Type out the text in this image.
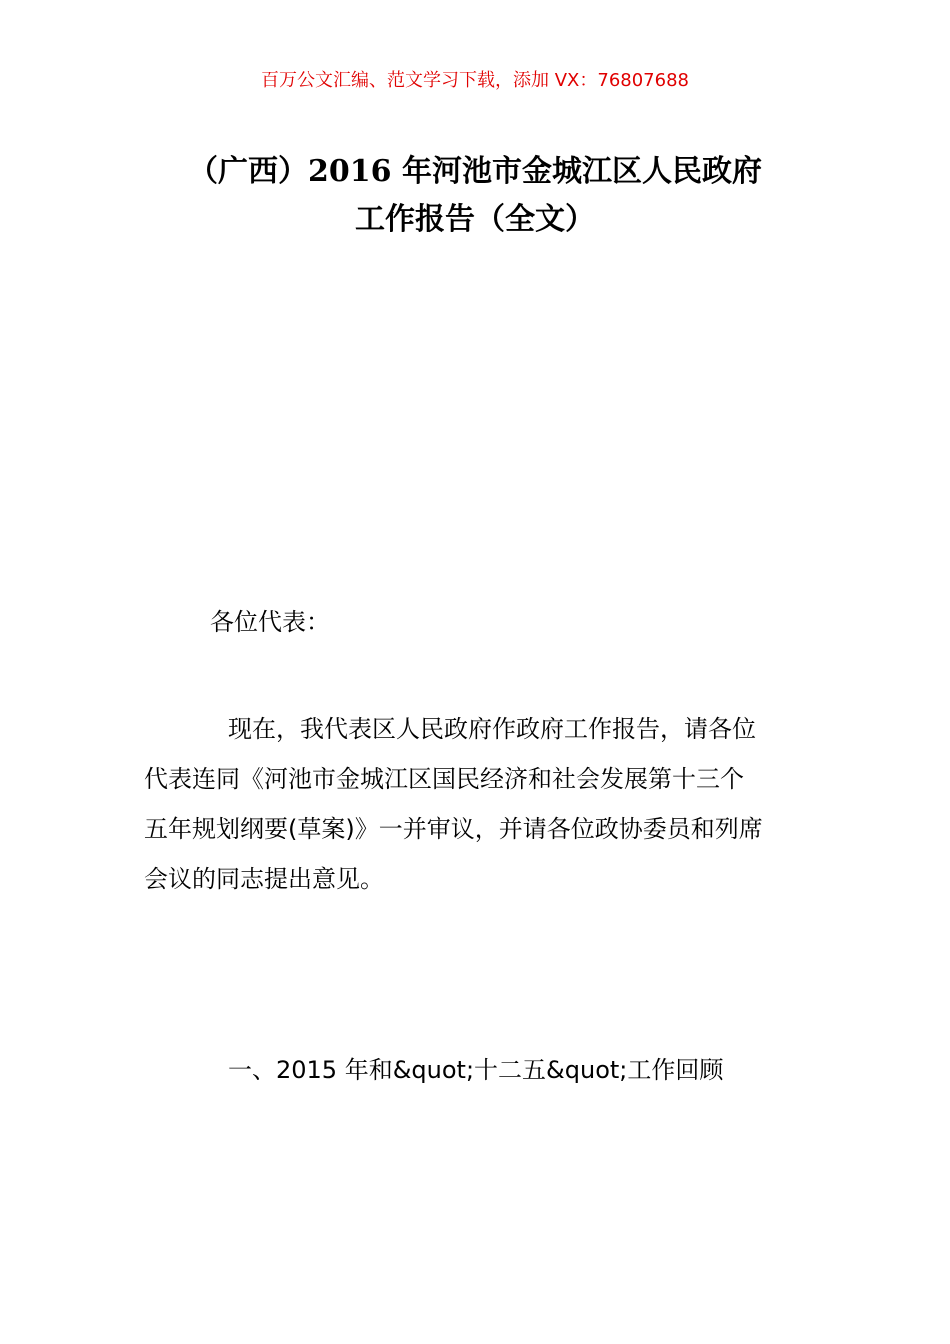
百万公文汇编、范文学习下载，添加 VX：76807688
（广西）2016 年河池市金城江区人民政府
工作报告（全文）
各位代表：
现在，我代表区人民政府作政府工作报告，请各位
代表连同《河池市金城江区国民经济和社会发展第十三个
五年规划纲要(草案)》一并审议，并请各位政协委员和列席
会议的同志提出意见。
一、2015 年和&quot;十二五&quot;工作回顾
